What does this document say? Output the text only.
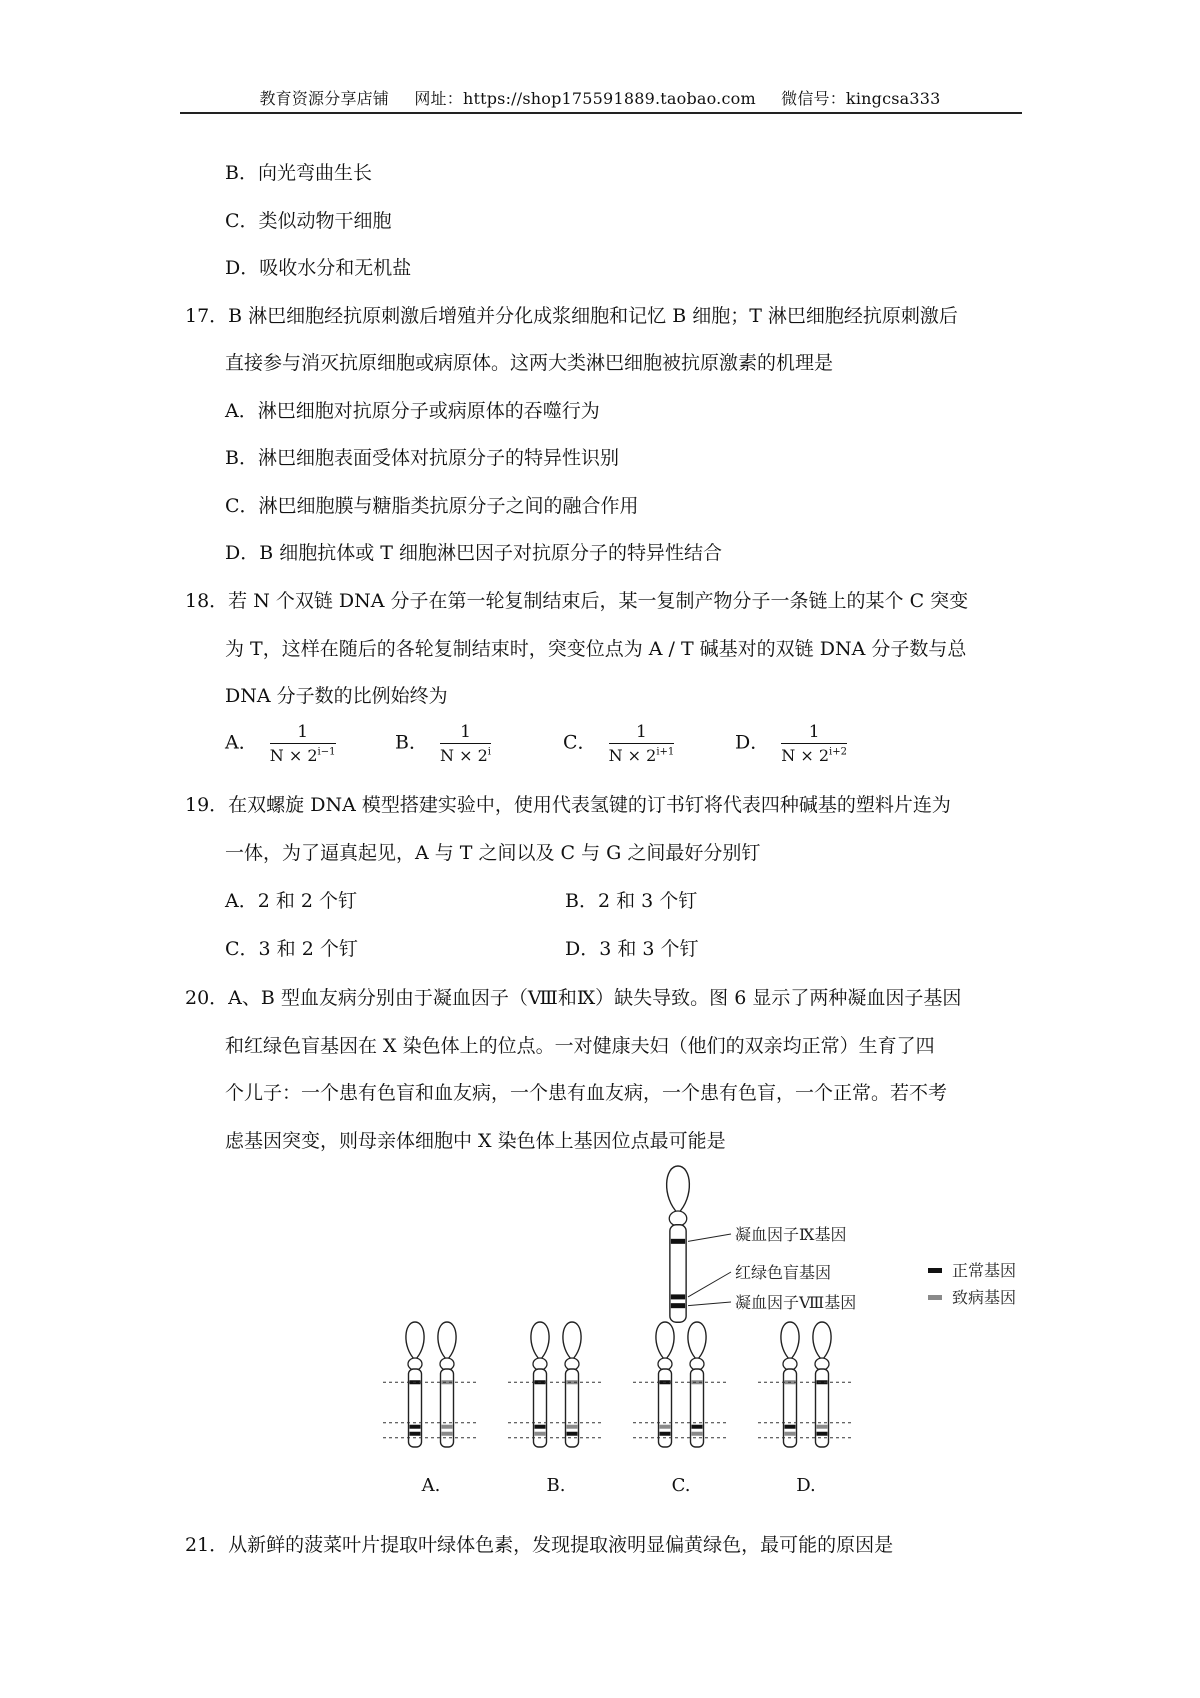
教育资源分享店铺 网址：https://shop175591889.taobao.com 微信号：kingcsa333
B．向光弯曲生长
C．类似动物干细胞
D．吸收水分和无机盐
17．B 淋巴细胞经抗原刺激后增殖并分化成浆细胞和记忆 B 细胞；T 淋巴细胞经抗原刺激后
直接参与消灭抗原细胞或病原体。这两大类淋巴细胞被抗原激素的机理是
A．淋巴细胞对抗原分子或病原体的吞噬行为
B．淋巴细胞表面受体对抗原分子的特异性识别
C．淋巴细胞膜与糖脂类抗原分子之间的融合作用
D．B 细胞抗体或 T 细胞淋巴因子对抗原分子的特异性结合
18．若 N 个双链 DNA 分子在第一轮复制结束后，某一复制产物分子一条链上的某个 C 突变
为 T，这样在随后的各轮复制结束时，突变位点为 A / T 碱基对的双链 DNA 分子数与总
DNA 分子数的比例始终为
A． $\frac{1}{N \times 2^{i-1}}$	B． $\frac{1}{N \times 2^i}$	C． $\frac{1}{N \times 2^{i+1}}$	D． $\frac{1}{N \times 2^{i+2}}$
19．在双螺旋 DNA 模型搭建实验中，使用代表氢键的订书钉将代表四种碱基的塑料片连为
一体，为了逼真起见，A 与 T 之间以及 C 与 G 之间最好分别钉
A．2 和 2 个钉	B．2 和 3 个钉
C．3 和 2 个钉	D．3 和 3 个钉
20．A、B 型血友病分别由于凝血因子（Ⅷ和Ⅸ）缺失导致。图 6 显示了两种凝血因子基因
和红绿色盲基因在 X 染色体上的位点。一对健康夫妇（他们的双亲均正常）生育了四
个儿子：一个患有色盲和血友病，一个患有血友病，一个患有色盲，一个正常。若不考
虑基因突变，则母亲体细胞中 X 染色体上基因位点最可能是
凝血因子Ⅸ基因
红绿色盲基因
凝血因子Ⅷ基因
正常基因
致病基因
A.	B.	C.	D.
21．从新鲜的菠菜叶片提取叶绿体色素，发现提取液明显偏黄绿色，最可能的原因是
